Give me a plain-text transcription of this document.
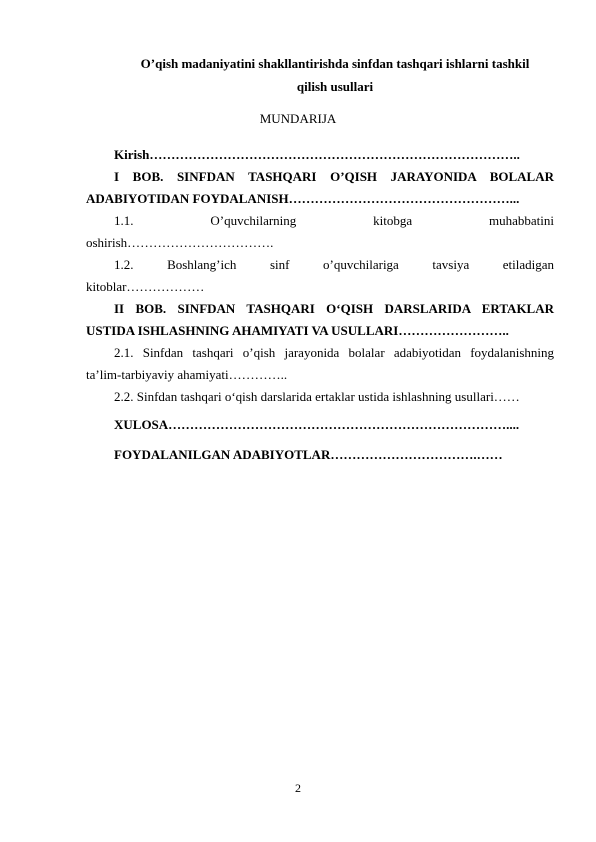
O’qish madaniyatini shakllantirishda sinfdan tashqari ishlarni tashkil
qilish usullari
MUNDARIJA
Kirish…………………………………………………………………………..
I BOB. SINFDAN TASHQARI O’QISH JARAYONIDA BOLALAR
ADABIYOTIDAN FOYDALANISH……………………………………………...
1.1.	O’quvchilarning	kitobga	muhabbatini
oshirish…………………………….
1.2.	Boshlang’ich	sinf	o’quvchilariga	tavsiya	etiladigan
kitoblar………………
II BOB. SINFDAN TASHQARI O‘QISH DARSLARIDA ERTAKLAR
USTIDA ISHLASHNING AHAMIYATI VA USULLARI……………………..
2.1. Sinfdan tashqari o’qish jarayonida bolalar adabiyotidan foydalanishning
ta’lim-tarbiyaviy ahamiyati…………..
2.2. Sinfdan tashqari o‘qish darslarida ertaklar ustida ishlashning usullari……
XULOSA……………………………………………………………………....
FOYDALANILGAN ADABIYOTLAR…………………………….……
2
